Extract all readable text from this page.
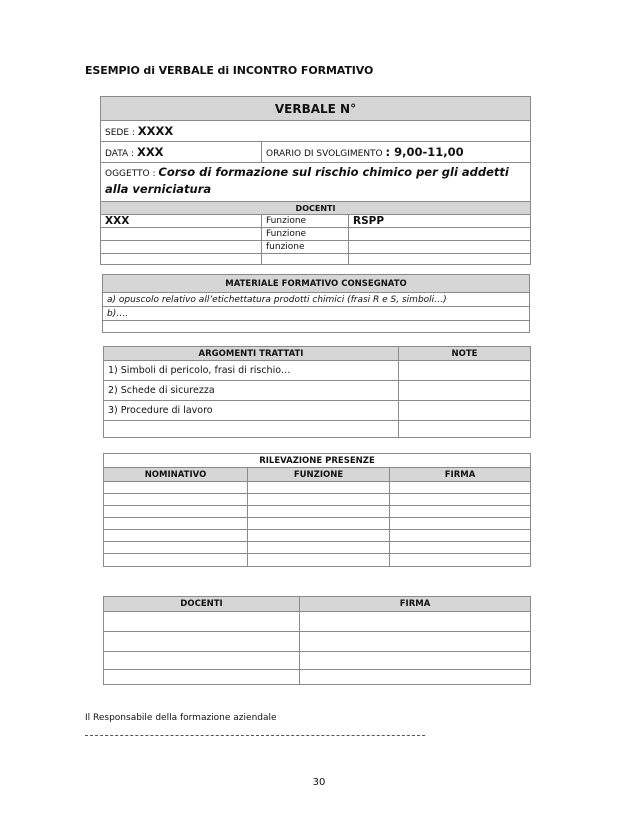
ESEMPIO di VERBALE di INCONTRO FORMATIVO
VERBALE N°		
SEDE : XXXX		
DATA : XXX	ORARIO DI SVOLGIMENTO : 9,00-11,00	
OGGETTO : Corso di formazione sul rischio chimico per gli addetti alla verniciatura		
DOCENTI		
XXX	Funzione	RSPP
	Funzione	
	funzione	

MATERIALE FORMATIVO CONSEGNATO
a) opuscolo relativo all’etichettatura prodotti chimici (frasi R e S, simboli…)
b)….

ARGOMENTI TRATTATI	NOTE
1) Simboli di pericolo, frasi di rischio…	
2) Schede di sicurezza	
3) Procedure di lavoro	

RILEVAZIONE PRESENZE		
NOMINATIVO	FUNZIONE	FIRMA

DOCENTI	FIRMA

Il Responsabile della formazione aziendale
30
